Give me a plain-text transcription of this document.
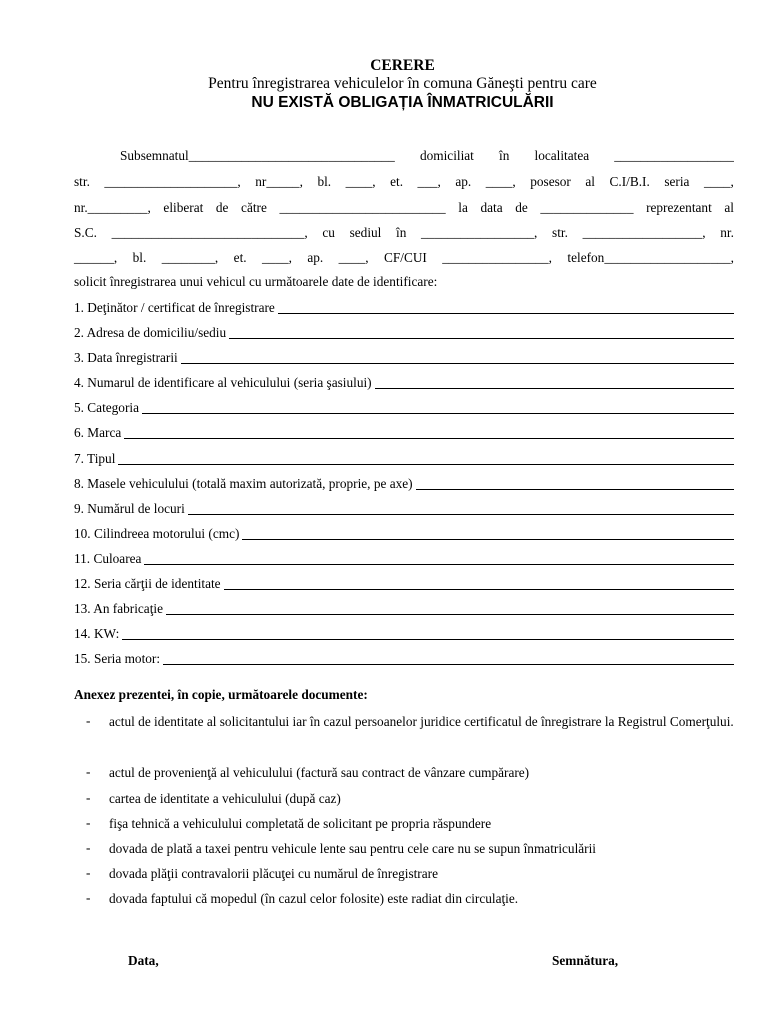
CERERE
Pentru înregistrarea vehiculelor în comuna Găneşti pentru care
NU EXISTĂ OBLIGAȚIA ÎNMATRICULĂRII
Subsemnatul_______________________________ domiciliat în localitatea __________________
str. ____________________, nr_____, bl. ____, et. ___, ap. ____, posesor al C.I/B.I. seria ____,
nr._________, eliberat de către _________________________ la data de ______________ reprezentant al
S.C. _____________________________, cu sediul în _________________, str. __________________, nr.
______, bl. ________, et. ____, ap. ____, CF/CUI ________________, telefon___________________,
solicit înregistrarea unui vehicul cu următoarele date de identificare:
1. Deţinător / certificat de înregistrare
2. Adresa de domiciliu/sediu
3. Data înregistrarii
4. Numarul de identificare al vehiculului (seria şasiului)
5. Categoria
6. Marca
7. Tipul
8. Masele vehiculului (totală maxim autorizată, proprie, pe axe)
9. Numărul de locuri
10. Cilindreea motorului (cmc)
11. Culoarea
12. Seria cărţii de identitate
13. An fabricaţie
14. KW:
15. Seria motor:
Anexez prezentei, în copie, următoarele documente:
- actul de identitate al solicitantului iar în cazul persoanelor juridice certificatul de înregistrare la Registrul Comerţului.
- actul de provenienţă al vehiculului (factură sau contract de vânzare cumpărare)
- cartea de identitate a vehiculului (după caz)
- fişa tehnică a vehiculului completată de solicitant pe propria răspundere
- dovada de plată a taxei pentru vehicule lente sau pentru cele care nu se supun înmatriculării
- dovada plăţii contravalorii plăcuţei cu numărul de înregistrare
- dovada faptului că mopedul (în cazul celor folosite) este radiat din circulaţie.
Data,	Semnătura,
